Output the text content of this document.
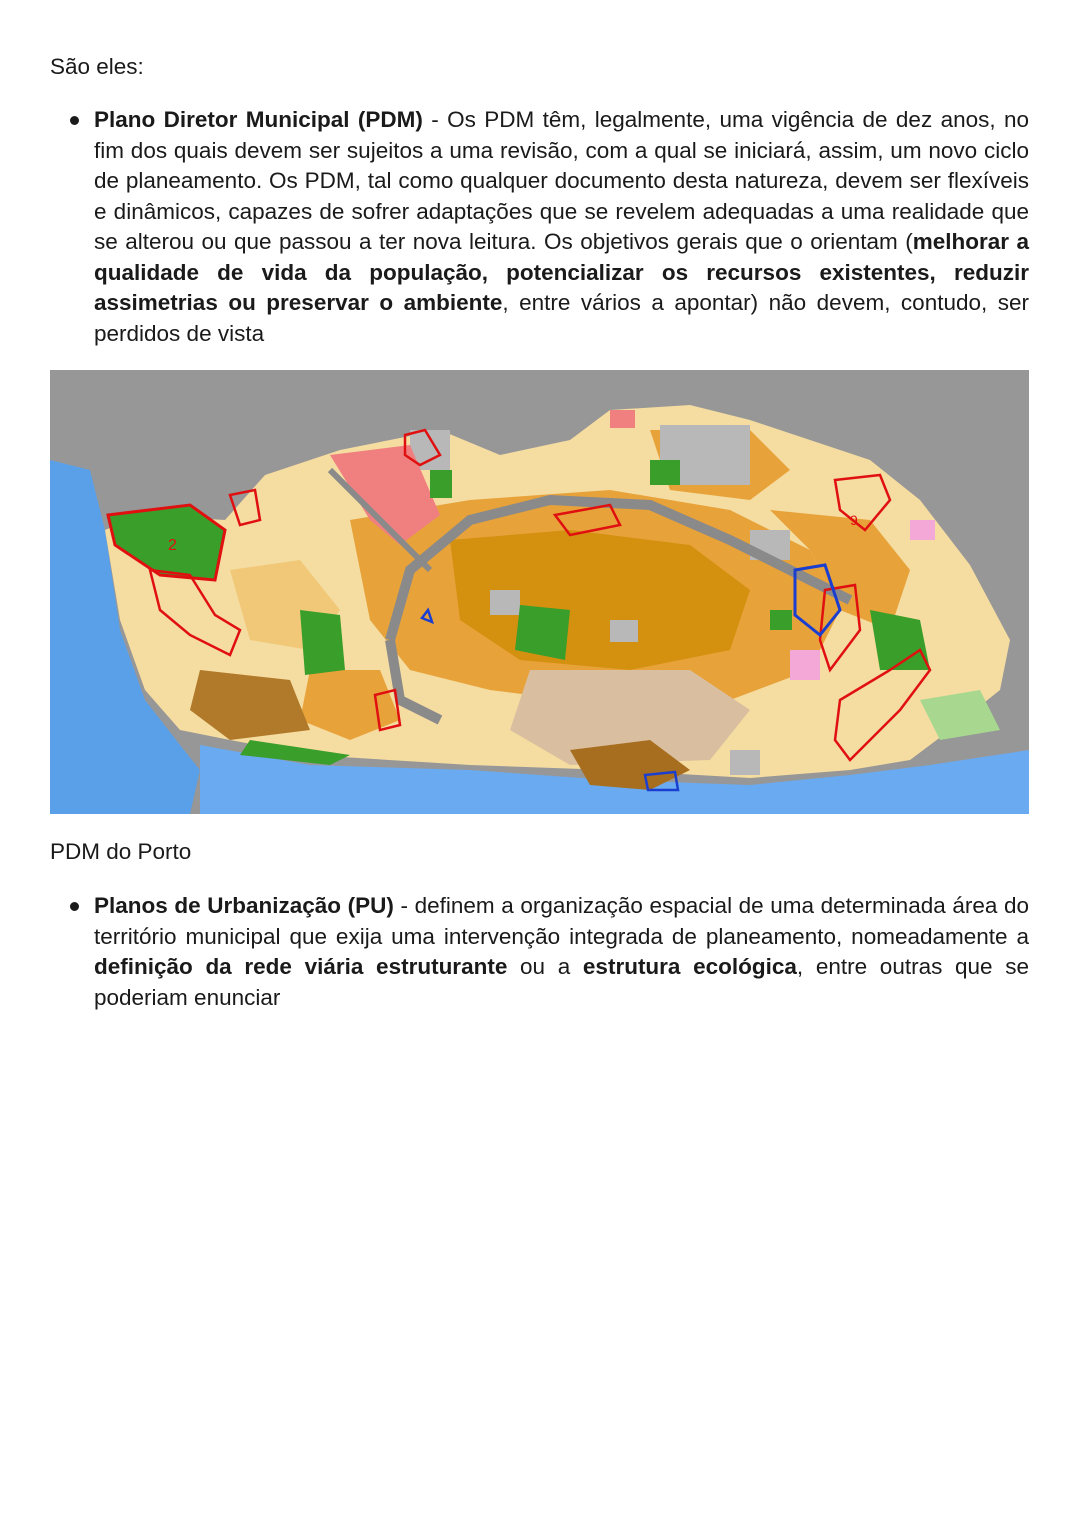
São eles:

Plano Diretor Municipal (PDM) - Os PDM têm, legalmente, uma vigência de dez anos, no fim dos quais devem ser sujeitos a uma revisão, com a qual se iniciará, assim, um novo ciclo de planeamento. Os PDM, tal como qualquer documento desta natureza, devem ser flexíveis e dinâmicos, capazes de sofrer adaptações que se revelem adequadas a uma realidade que se alterou ou que passou a ter nova leitura. Os objetivos gerais que o orientam (melhorar a qualidade de vida da população, potencializar os recursos existentes, reduzir assimetrias ou preservar o ambiente, entre vários a apontar) não devem, contudo, ser perdidos de vista

2
9

PDM do Porto

Planos de Urbanização (PU) - definem a organização espacial de uma determinada área do território municipal que exija uma intervenção integrada de planeamento, nomeadamente a definição da rede viária estruturante ou a estrutura ecológica, entre outras que se poderiam enunciar
